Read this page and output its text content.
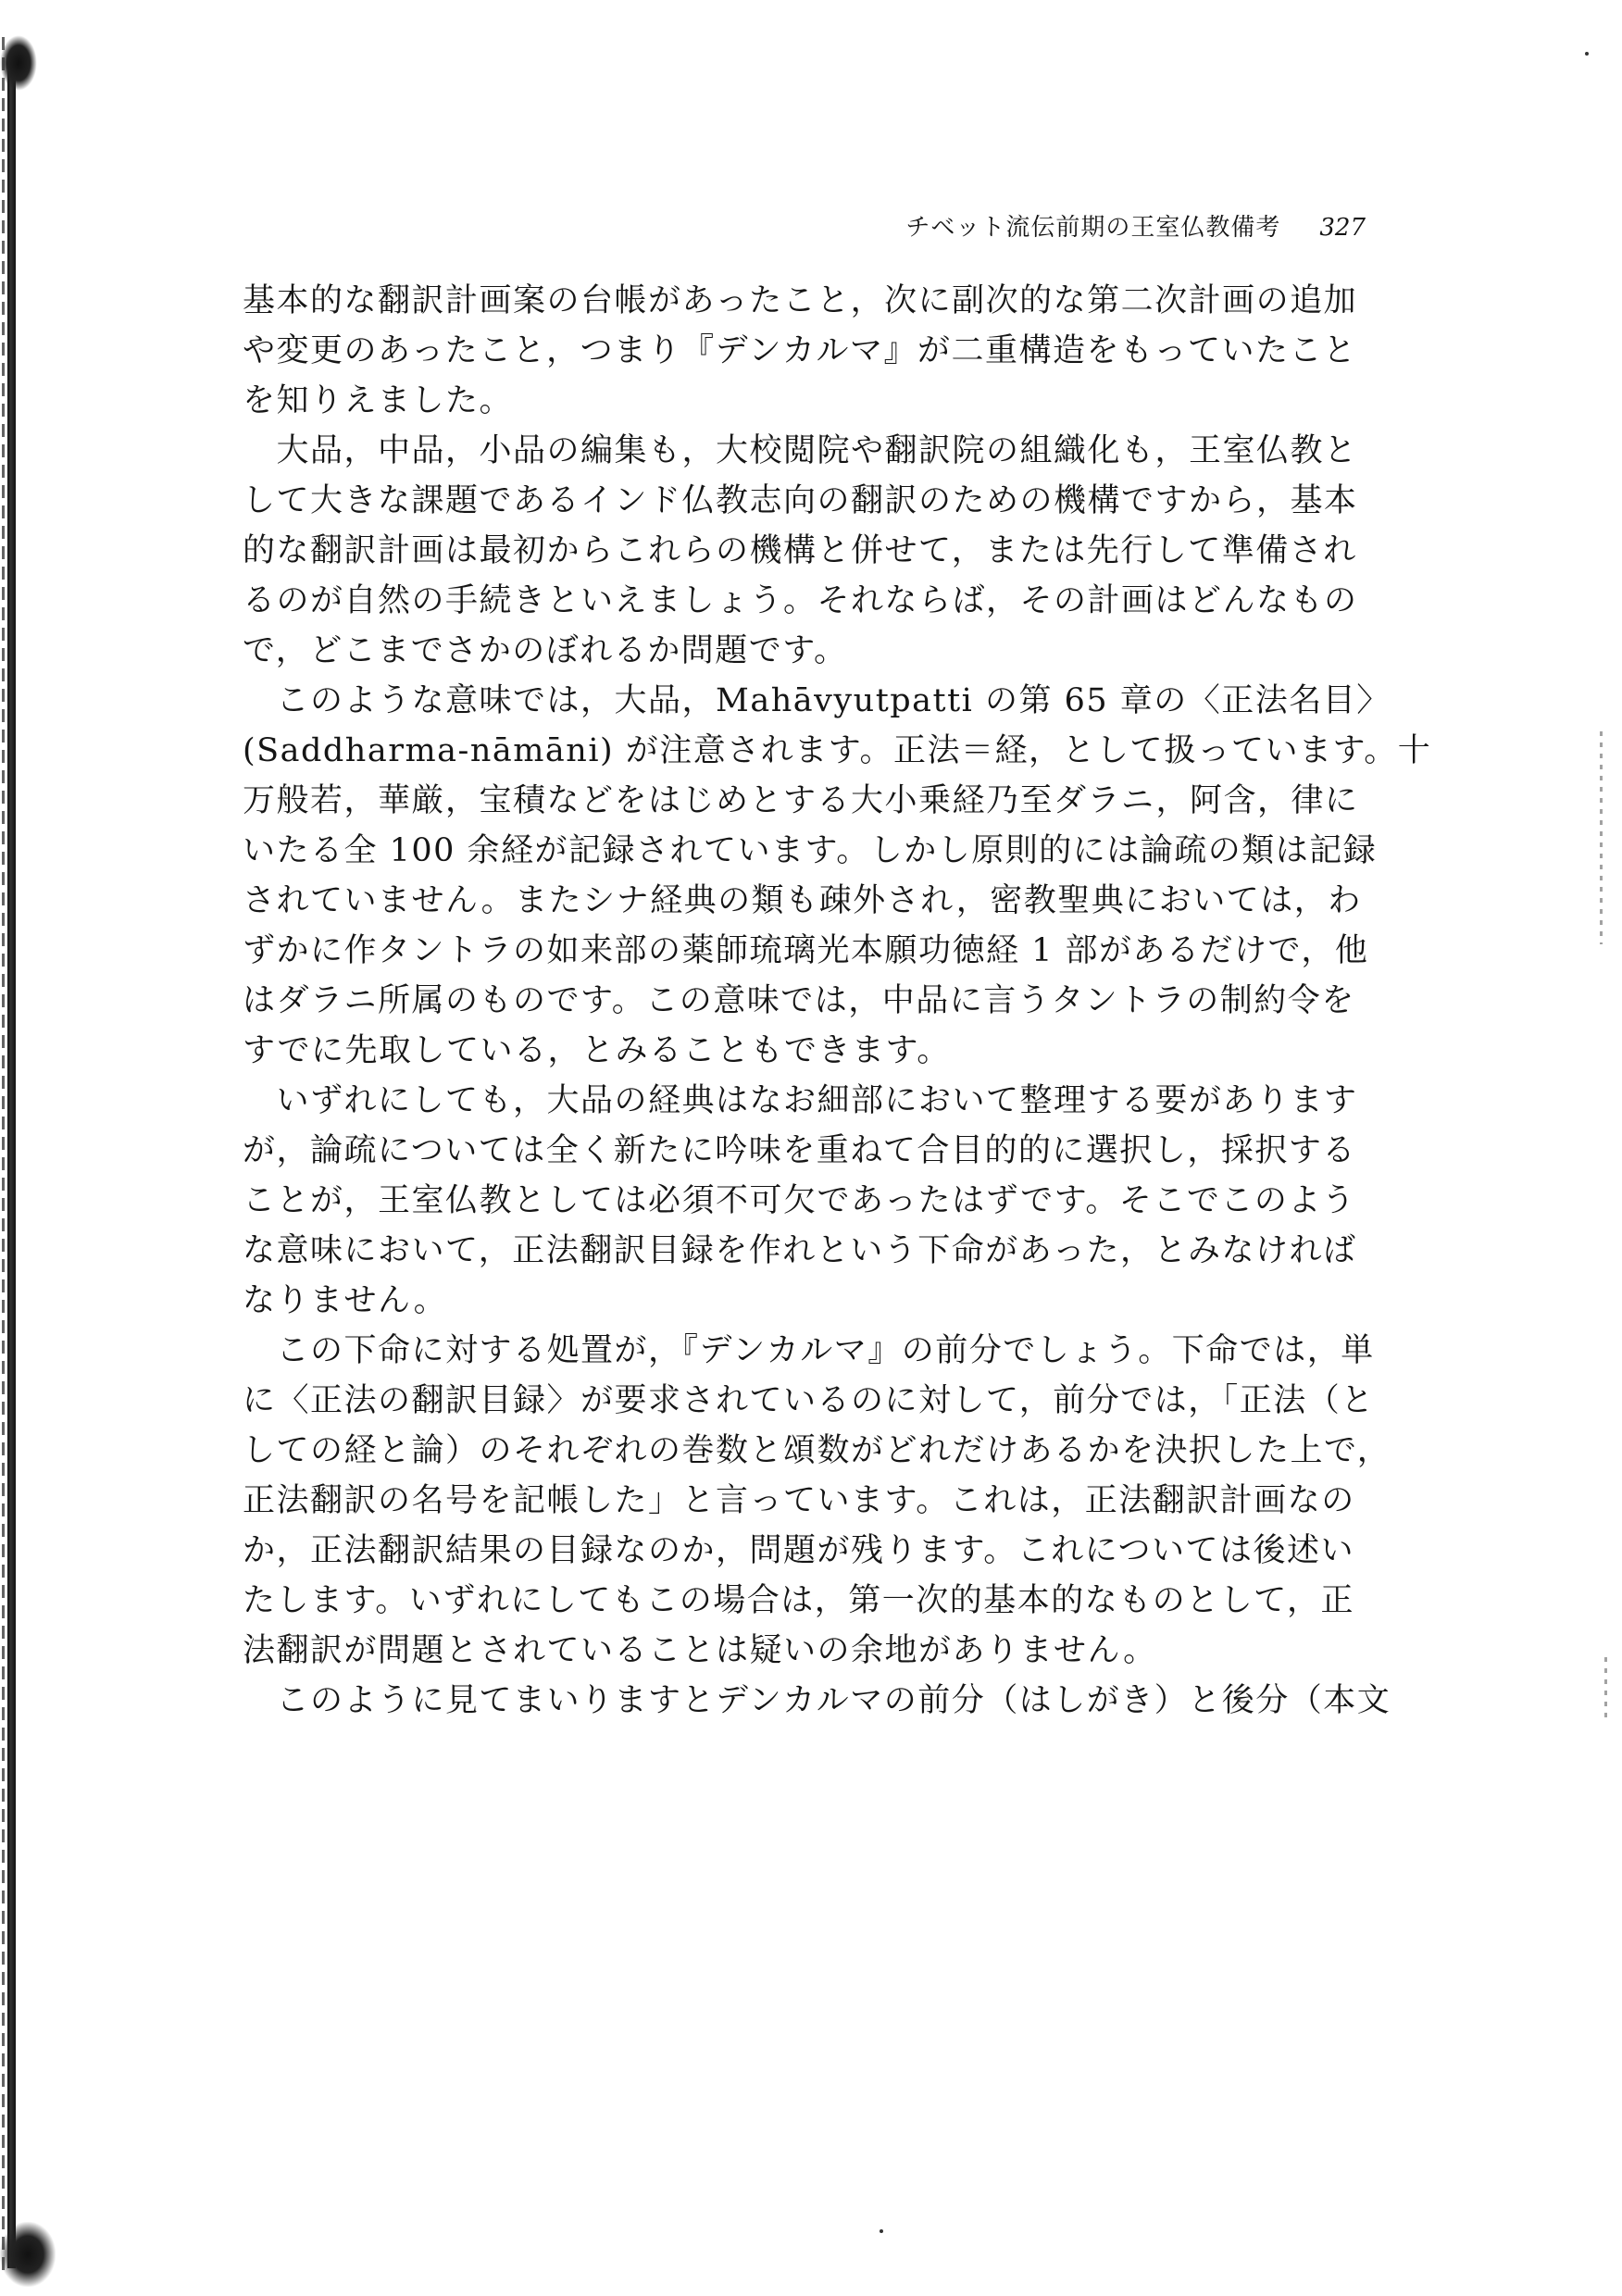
チベット流伝前期の王室仏教備考 327
基本的な翻訳計画案の台帳があったこと，次に副次的な第二次計画の追加
や変更のあったこと，つまり『デンカルマ』が二重構造をもっていたこと
を知りえました。
　大品，中品，小品の編集も，大校閲院や翻訳院の組織化も，王室仏教と
して大きな課題であるインド仏教志向の翻訳のための機構ですから，基本
的な翻訳計画は最初からこれらの機構と併せて，または先行して準備され
るのが自然の手続きといえましょう。それならば，その計画はどんなもの
で，どこまでさかのぼれるか問題です。
　このような意味では，大品，Mahāvyutpatti の第 65 章の〈正法名目〉
(Saddharma-nāmāni) が注意されます。正法＝経，として扱っています。十
万般若，華厳，宝積などをはじめとする大小乗経乃至ダラニ，阿含，律に
いたる全 100 余経が記録されています。しかし原則的には論疏の類は記録
されていません。またシナ経典の類も疎外され，密教聖典においては，わ
ずかに作タントラの如来部の薬師琉璃光本願功徳経 1 部があるだけで，他
はダラニ所属のものです。この意味では，中品に言うタントラの制約令を
すでに先取している，とみることもできます。
　いずれにしても，大品の経典はなお細部において整理する要があります
が，論疏については全く新たに吟味を重ねて合目的的に選択し，採択する
ことが，王室仏教としては必須不可欠であったはずです。そこでこのよう
な意味において，正法翻訳目録を作れという下命があった，とみなければ
なりません。
　この下命に対する処置が，『デンカルマ』の前分でしょう。下命では，単
に〈正法の翻訳目録〉が要求されているのに対して，前分では，「正法（と
しての経と論）のそれぞれの巻数と頌数がどれだけあるかを決択した上で，
正法翻訳の名号を記帳した」と言っています。これは，正法翻訳計画なの
か，正法翻訳結果の目録なのか，問題が残ります。これについては後述い
たします。いずれにしてもこの場合は，第一次的基本的なものとして，正
法翻訳が問題とされていることは疑いの余地がありません。
　このように見てまいりますとデンカルマの前分（はしがき）と後分（本文
